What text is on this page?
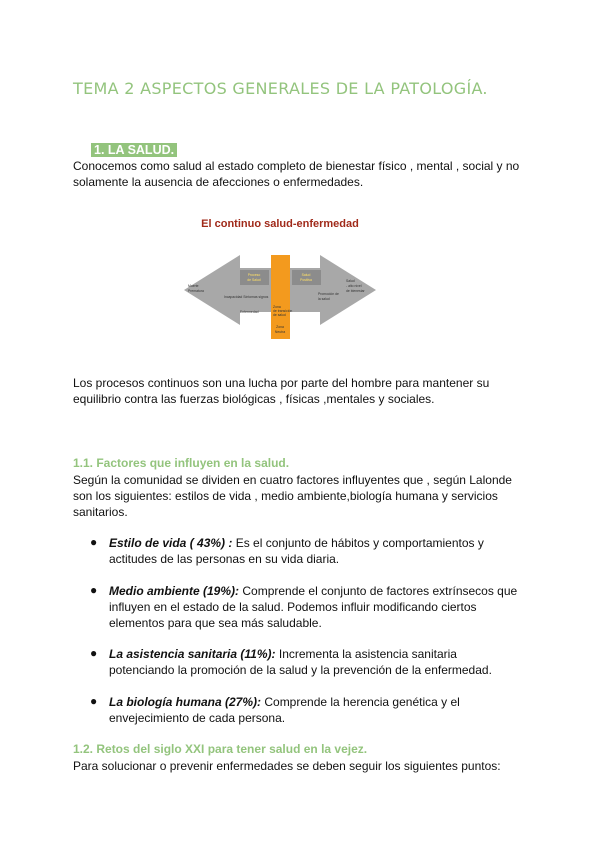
TEMA 2 ASPECTOS GENERALES DE LA PATOLOGÍA.
1. LA SALUD.
Conocemos como salud al estado completo de bienestar físico , mental , social y no
solamente la ausencia de afecciones o enfermedades.
El continuo salud-enfermedad
Proceso
de Salud
Salud
Positiva
Muerte
Prematura
Incapacidad Síntomas signos
Enfermedad
Salud
- alto nivel
de bienestar
Promoción de
la salud
Zona
de transición
de salud
Zona
Neutra
Los procesos continuos son una lucha por parte del hombre para mantener su
equilibrio contra las fuerzas biológicas , físicas ,mentales y sociales.
1.1. Factores que influyen en la salud.
Según la comunidad se dividen en cuatro factores influyentes que , según Lalonde
son los siguientes: estilos de vida , medio ambiente,biología humana y servicios
sanitarios.
● Estilo de vida ( 43%) : Es el conjunto de hábitos y comportamientos y
actitudes de las personas en su vida diaria.
● Medio ambiente (19%): Comprende el conjunto de factores extrínsecos que
influyen en el estado de la salud. Podemos influir modificando ciertos
elementos para que sea más saludable.
● La asistencia sanitaria (11%): Incrementa la asistencia sanitaria
potenciando la promoción de la salud y la prevención de la enfermedad.
● La biología humana (27%): Comprende la herencia genética y el
envejecimiento de cada persona.
1.2. Retos del siglo XXI para tener salud en la vejez.
Para solucionar o prevenir enfermedades se deben seguir los siguientes puntos:
